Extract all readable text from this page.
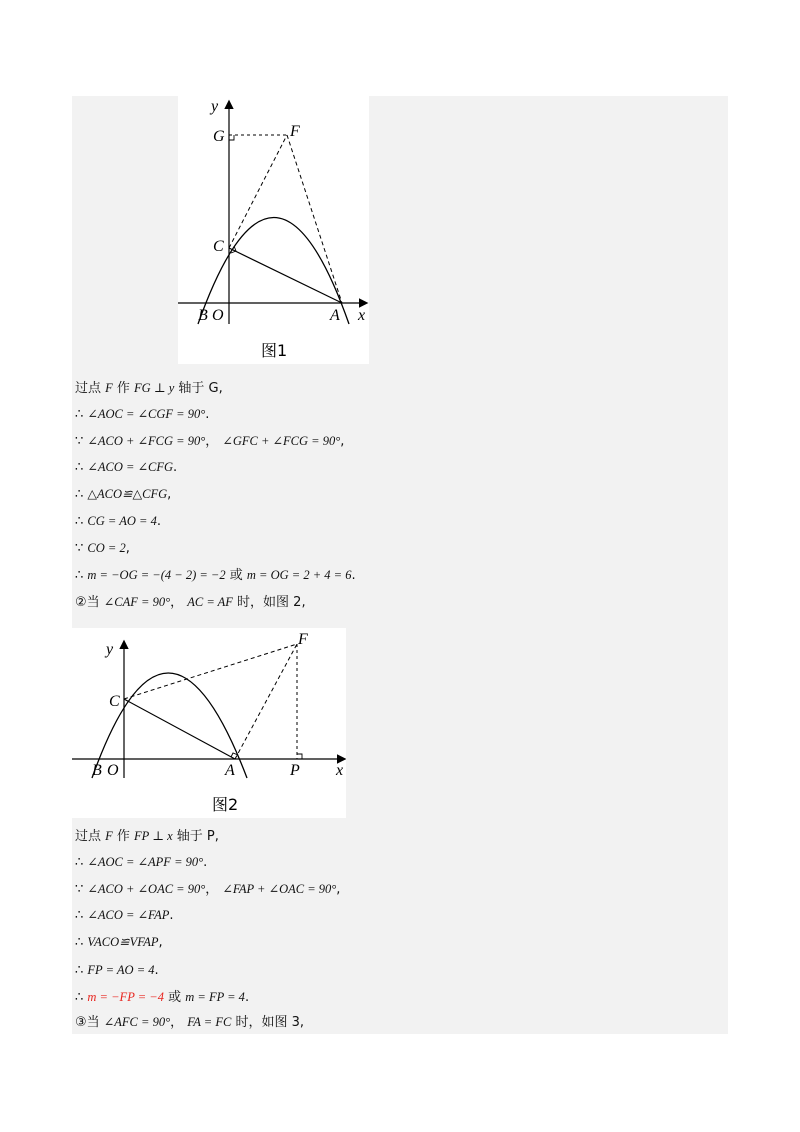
y
G	F
C
B O	A x
图1
y
F
C
B O	A	P x
图2
过点 F 作 FG ⊥ y 轴于 G,
∴ ∠AOC = ∠CGF = 90°.
∵ ∠ACO + ∠FCG = 90°， ∠GFC + ∠FCG = 90°,
∴ ∠ACO = ∠CFG.
∴ △ACO≌△CFG,
∴ CG = AO = 4.
∵ CO = 2,
∴ m = −OG = −(4 − 2) = −2 或 m = OG = 2 + 4 = 6.
②当 ∠CAF = 90°， AC = AF 时，如图 2,
过点 F 作 FP ⊥ x 轴于 P,
∴ ∠AOC = ∠APF = 90°.
∵ ∠ACO + ∠OAC = 90°， ∠FAP + ∠OAC = 90°,
∴ ∠ACO = ∠FAP.
∴ VACO≌VFAP,
∴ FP = AO = 4.
∴ m = −FP = −4 或 m = FP = 4.
③当 ∠AFC = 90°， FA = FC 时，如图 3,
